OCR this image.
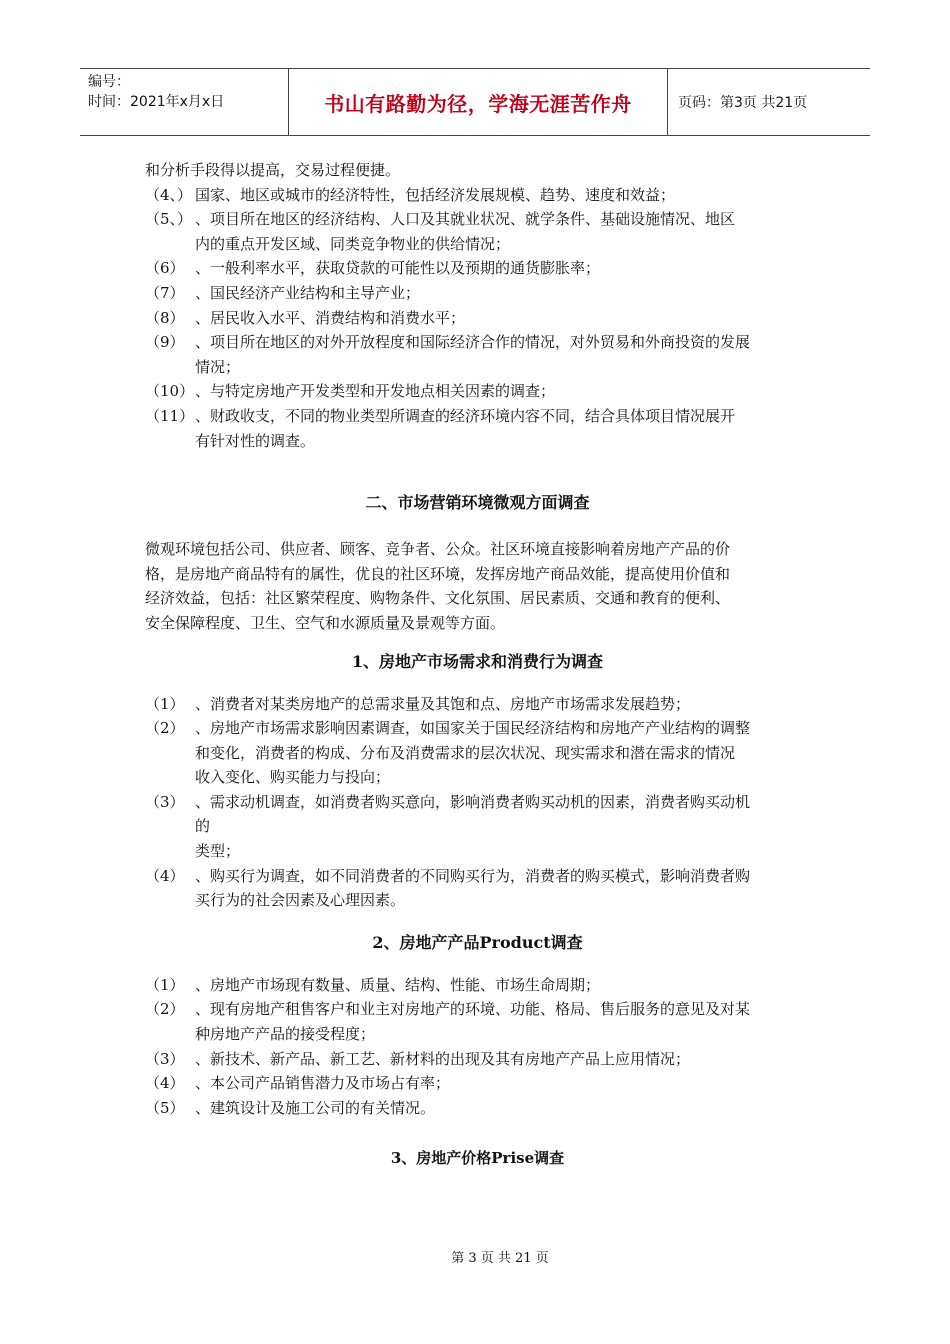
编号：
时间：2021年x月x日	书山有路勤为径，学海无涯苦作舟	页码：第3页 共21页
和分析手段得以提高，交易过程便捷。
（4、） 国家、地区或城市的经济特性，包括经济发展规模、趋势、速度和效益；
（5、） 、项目所在地区的经济结构、人口及其就业状况、就学条件、基础设施情况、地区
内的重点开发区域、同类竞争物业的供给情况；
（6） 、一般利率水平，获取贷款的可能性以及预期的通货膨胀率；
（7） 、国民经济产业结构和主导产业；
（8） 、居民收入水平、消费结构和消费水平；
（9） 、项目所在地区的对外开放程度和国际经济合作的情况，对外贸易和外商投资的发展
情况；
（10） 、与特定房地产开发类型和开发地点相关因素的调查；
（11） 、财政收支，不同的物业类型所调查的经济环境内容不同，结合具体项目情况展开
有针对性的调查。
二、市场营销环境微观方面调查

微观环境包括公司、供应者、顾客、竞争者、公众。社区环境直接影响着房地产产品的价

格，是房地产商品特有的属性，优良的社区环境，发挥房地产商品效能，提高使用价值和

经济效益，包括：社区繁荣程度、购物条件、文化氛围、居民素质、交通和教育的便利、

安全保障程度、卫生、空气和水源质量及景观等方面。

1、房地产市场需求和消费行为调查
（1） 、消费者对某类房地产的总需求量及其饱和点、房地产市场需求发展趋势；
（2） 、房地产市场需求影响因素调查，如国家关于国民经济结构和房地产产业结构的调整
和变化，消费者的构成、分布及消费需求的层次状况、现实需求和潜在需求的情况
收入变化、购买能力与投向；
（3） 、需求动机调查，如消费者购买意向，影响消费者购买动机的因素，消费者购买动机
的
类型；
（4） 、购买行为调查，如不同消费者的不同购买行为，消费者的购买模式，影响消费者购
买行为的社会因素及心理因素。
2、房地产产品Product调查
（1） 、房地产市场现有数量、质量、结构、性能、市场生命周期；
（2） 、现有房地产租售客户和业主对房地产的环境、功能、格局、售后服务的意见及对某
种房地产产品的接受程度；
（3） 、新技术、新产品、新工艺、新材料的出现及其有房地产产品上应用情况；
（4） 、本公司产品销售潜力及市场占有率；
（5） 、建筑设计及施工公司的有关情况。
3、房地产价格Prise调查
第 3 页 共 21 页
